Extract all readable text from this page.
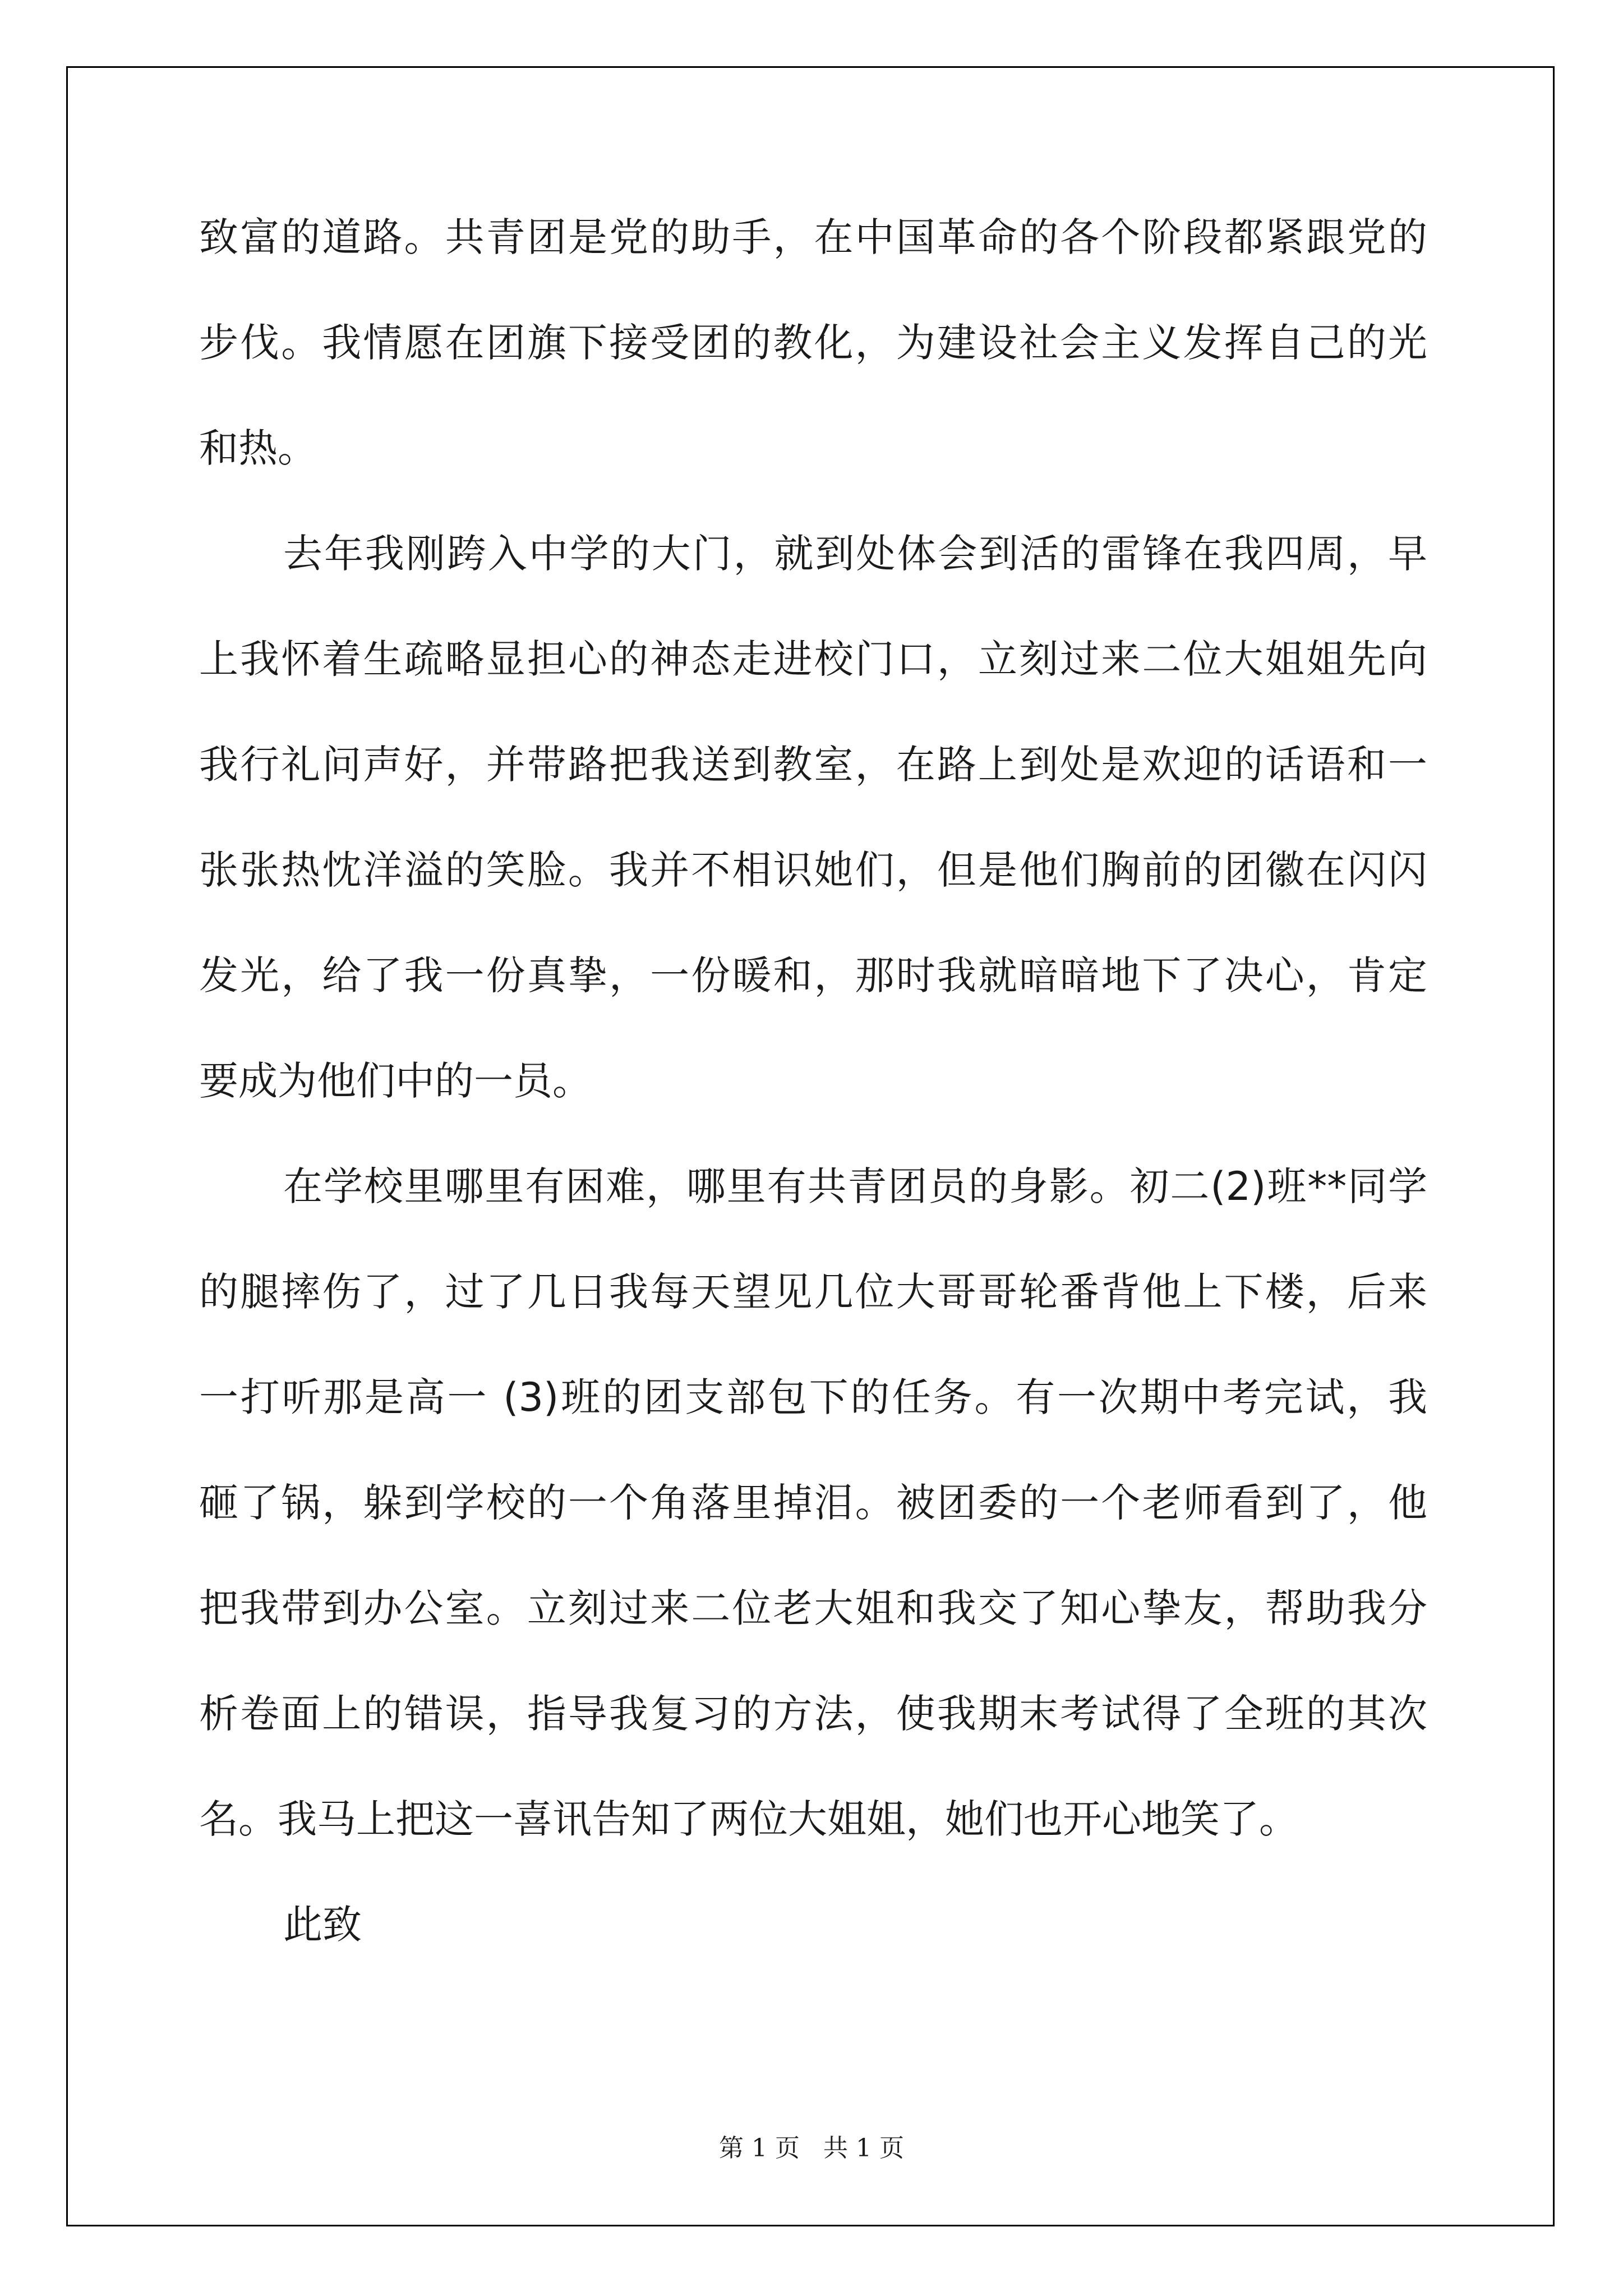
致富的道路。共青团是党的助手，在中国革命的各个阶段都紧跟党的
步伐。我情愿在团旗下接受团的教化，为建设社会主义发挥自己的光
和热。
去年我刚跨入中学的大门，就到处体会到活的雷锋在我四周，早
上我怀着生疏略显担心的神态走进校门口，立刻过来二位大姐姐先向
我行礼问声好，并带路把我送到教室，在路上到处是欢迎的话语和一
张张热忱洋溢的笑脸。我并不相识她们，但是他们胸前的团徽在闪闪
发光，给了我一份真挚，一份暖和，那时我就暗暗地下了决心，肯定
要成为他们中的一员。
在学校里哪里有困难，哪里有共青团员的身影。初二(2)班**同学
的腿摔伤了，过了几日我每天望见几位大哥哥轮番背他上下楼，后来
一打听那是高一 (3)班的团支部包下的任务。有一次期中考完试，我
砸了锅，躲到学校的一个角落里掉泪。被团委的一个老师看到了，他
把我带到办公室。立刻过来二位老大姐和我交了知心挚友，帮助我分
析卷面上的错误，指导我复习的方法，使我期末考试得了全班的其次
名。我马上把这一喜讯告知了两位大姐姐，她们也开心地笑了。
此致
第 1 页   共 1 页
